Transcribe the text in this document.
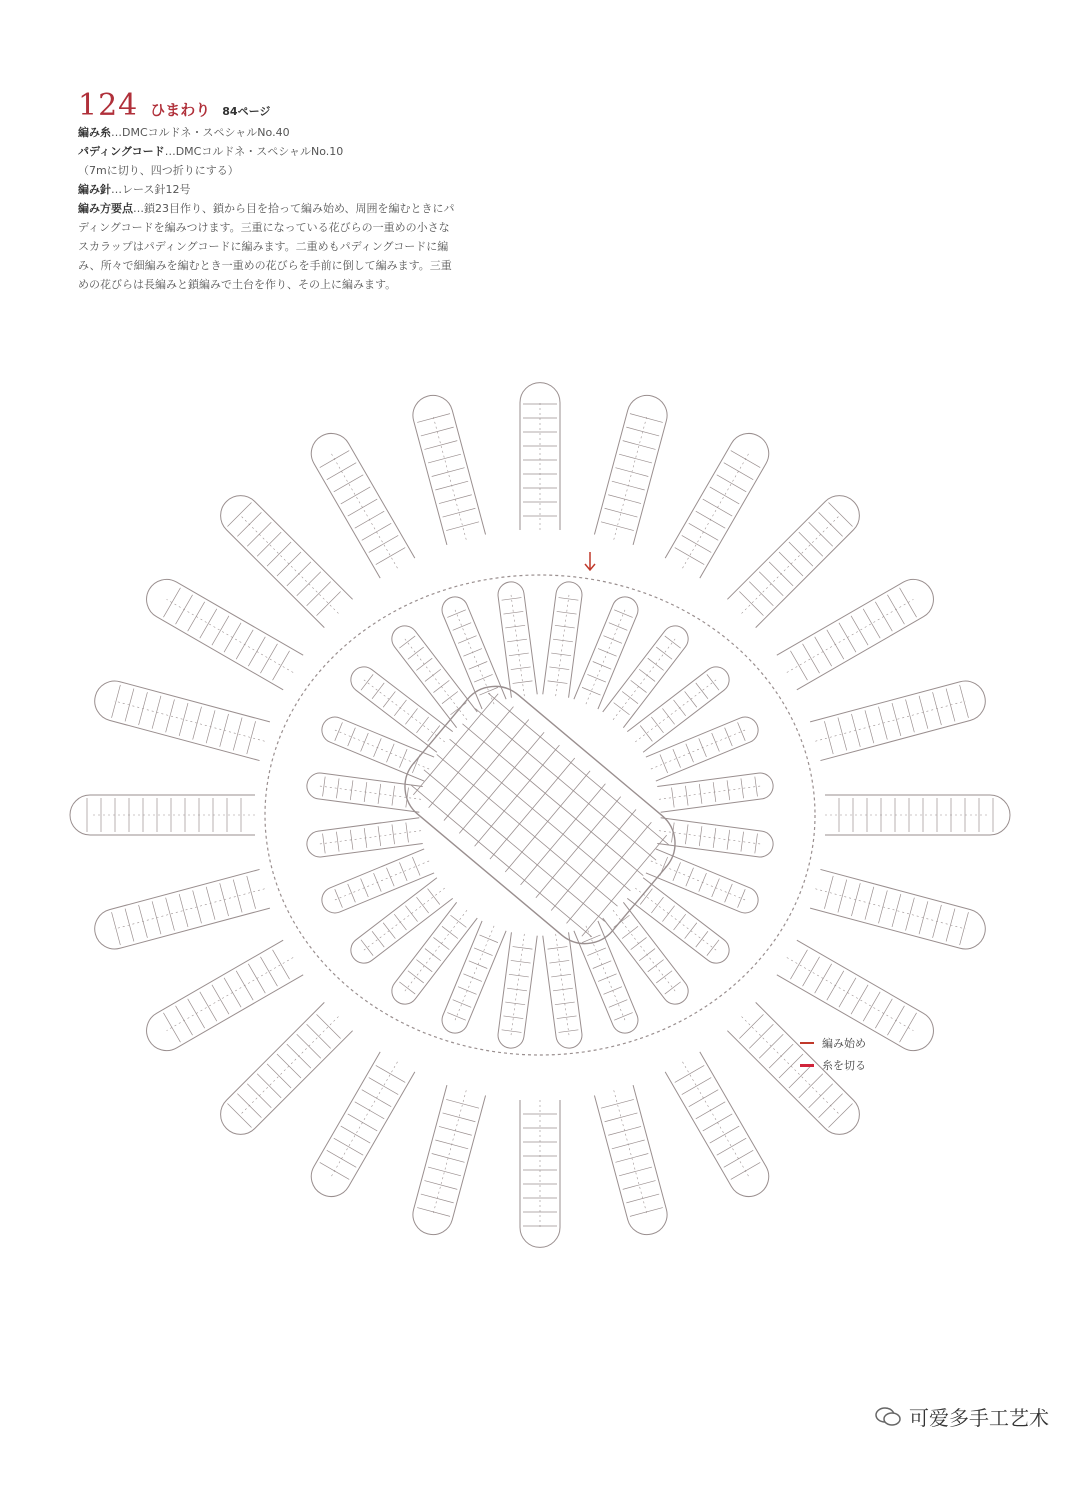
124 ひまわり 84ページ

編み糸…DMCコルドネ・スペシャルNo.40

パディングコード…DMCコルドネ・スペシャルNo.10

（7mに切り、四つ折りにする）

編み針…レース針12号

編み方要点…鎖23目作り、鎖から目を拾って編み始め、周囲を編むときにパディングコードを編みつけます。三重になっている花びらの一重めの小さなスカラップはパディングコードに編みます。二重めもパディングコードに編み、所々で細編みを編むとき一重めの花びらを手前に倒して編みます。三重めの花びらは長編みと鎖編みで土台を作り、その上に編みます。

編み始め
糸を切る
可爱多手工艺术
